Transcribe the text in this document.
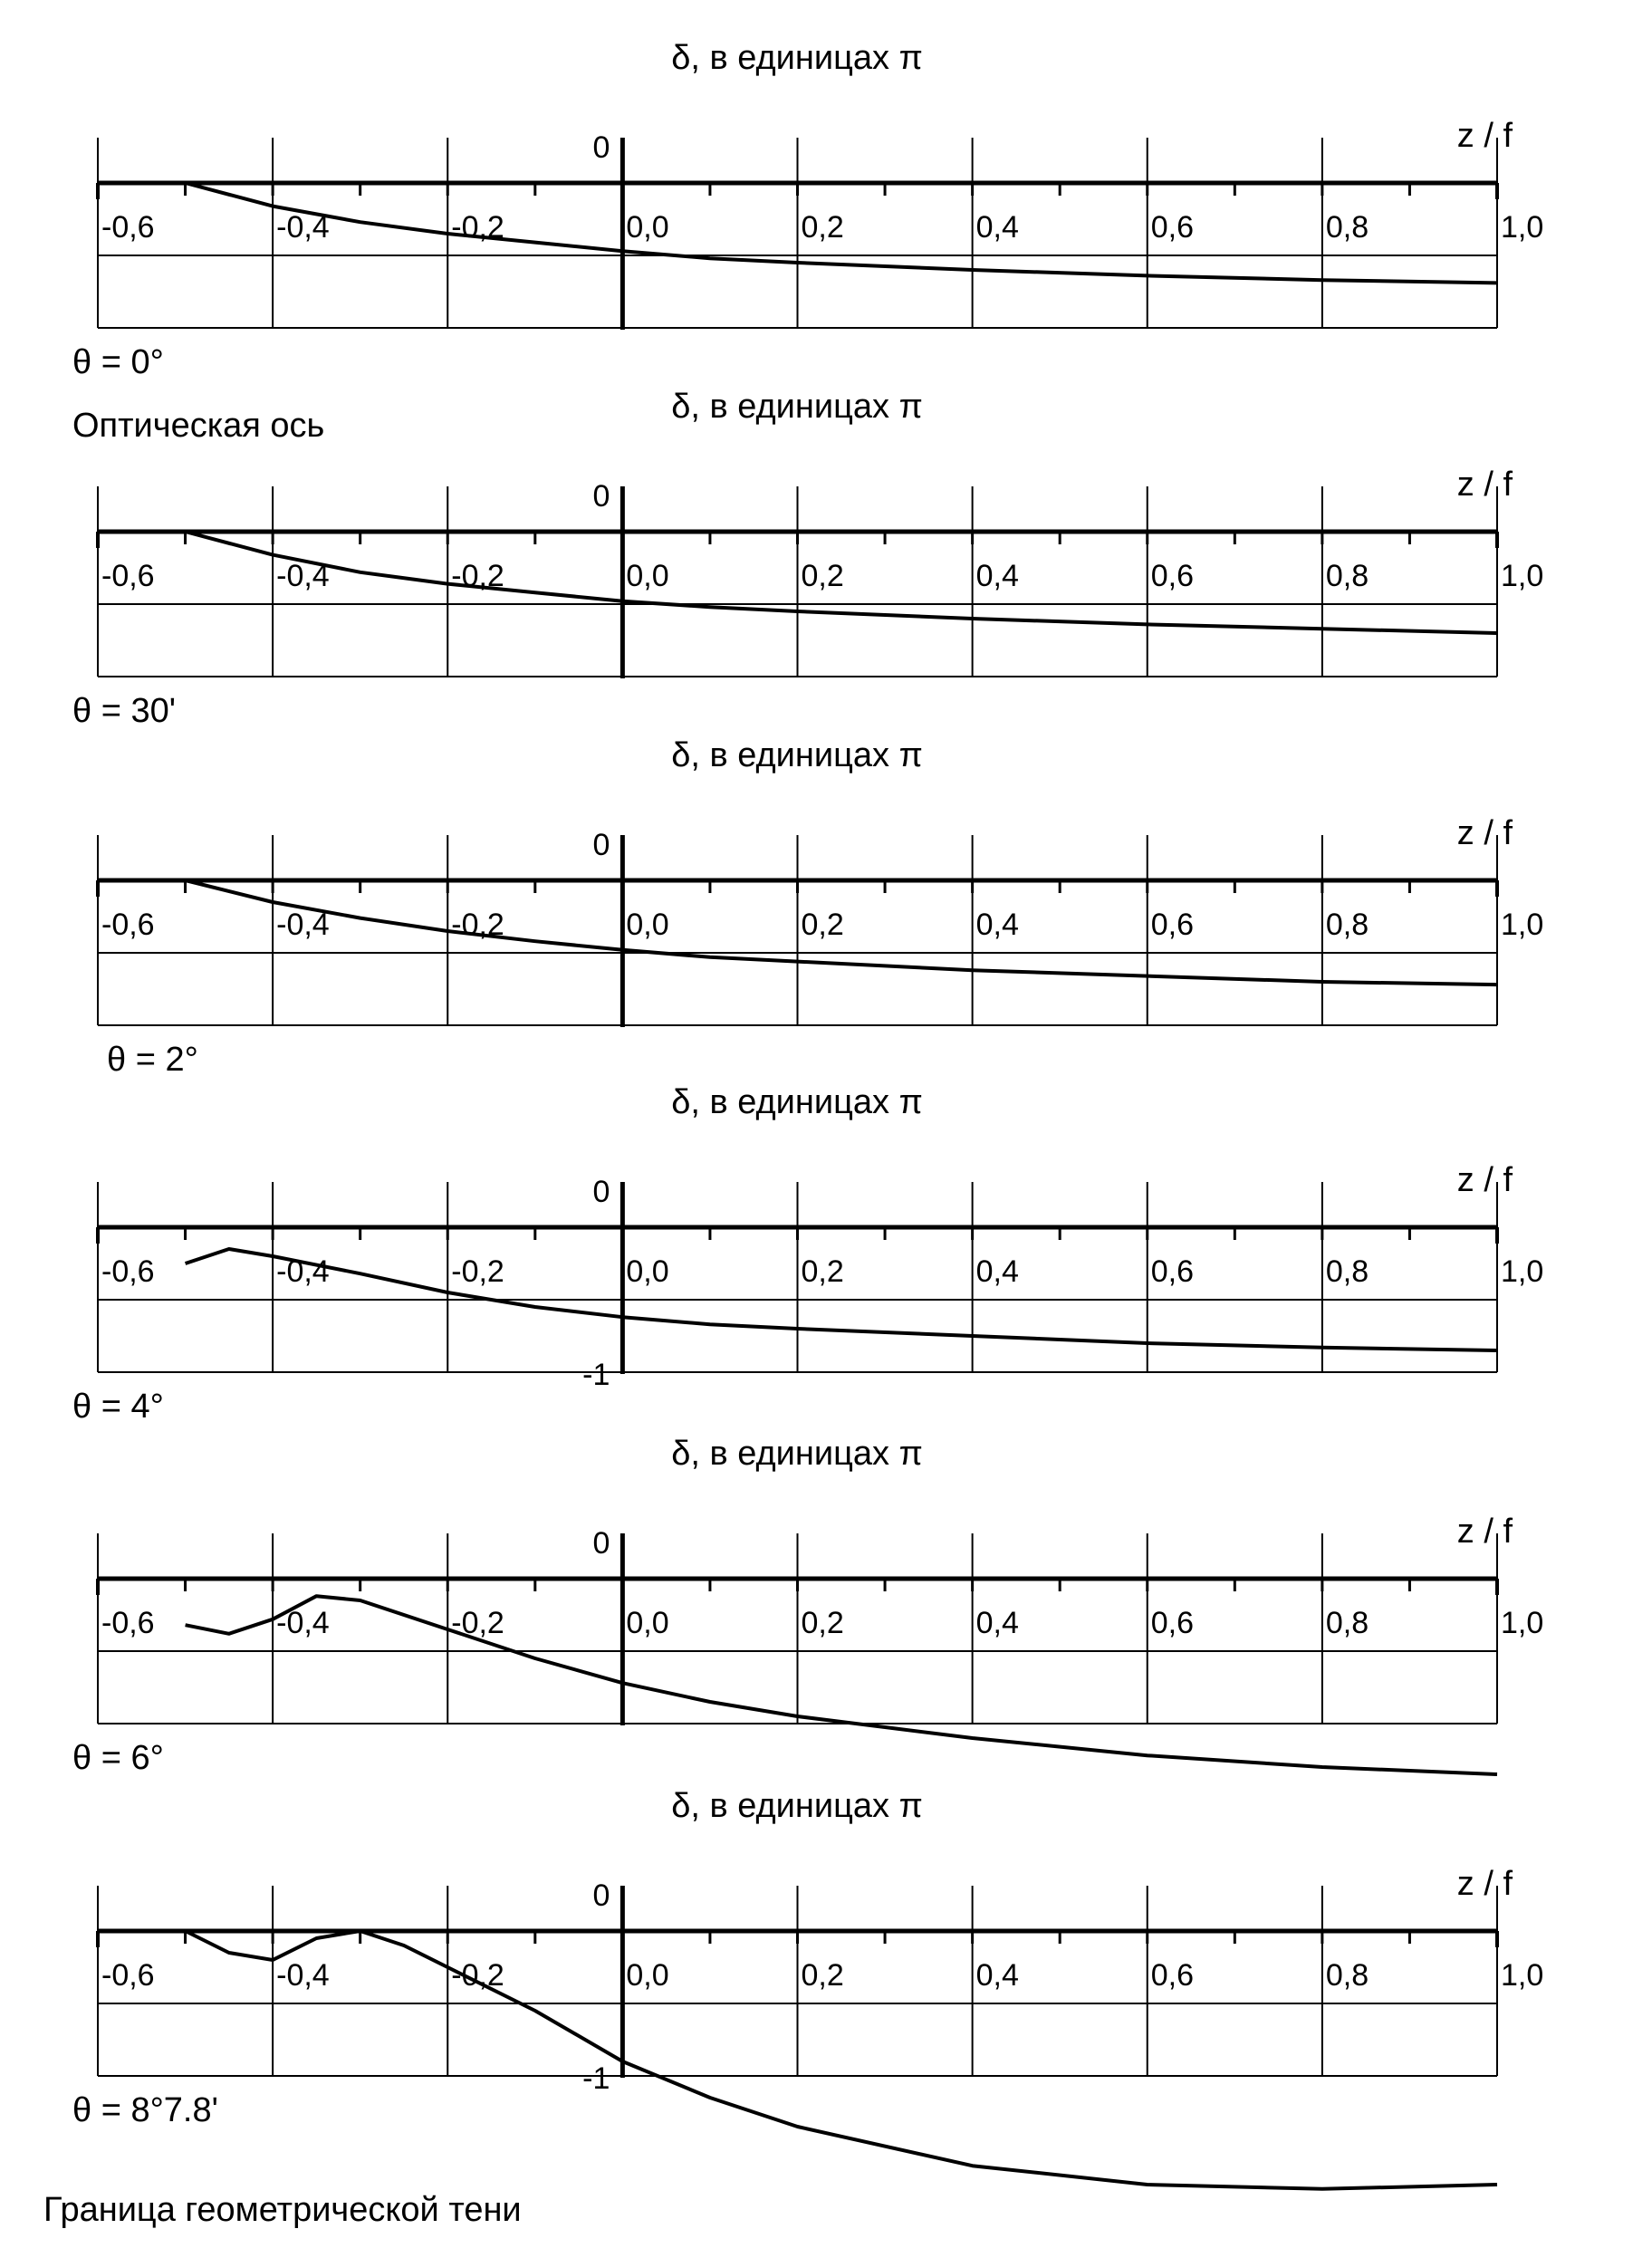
δ, в единицах π
z / f
0
-0,6	-0,4	-0,2	0,0	0,2	0,4	0,6	0,8	1,0
θ = 0°
Оптическая ось	δ, в единицах π
z / f
0
-0,6	-0,4	-0,2	0,0	0,2	0,4	0,6	0,8	1,0
θ = 30'
δ, в единицах π
z / f
0
-0,6	-0,4	-0,2	0,0	0,2	0,4	0,6	0,8	1,0
θ = 2°
δ, в единицах π
z / f
0
-1
-0,6	-0,4	-0,2	0,0	0,2	0,4	0,6	0,8	1,0
θ = 4°
δ, в единицах π
z / f
0
-0,6	-0,4	-0,2	0,0	0,2	0,4	0,6	0,8	1,0
θ = 6°
δ, в единицах π
z / f
0
-1
-0,6	-0,4	-0,2	0,0	0,2	0,4	0,6	0,8	1,0
θ = 8°7.8'
Граница геометрической тени
